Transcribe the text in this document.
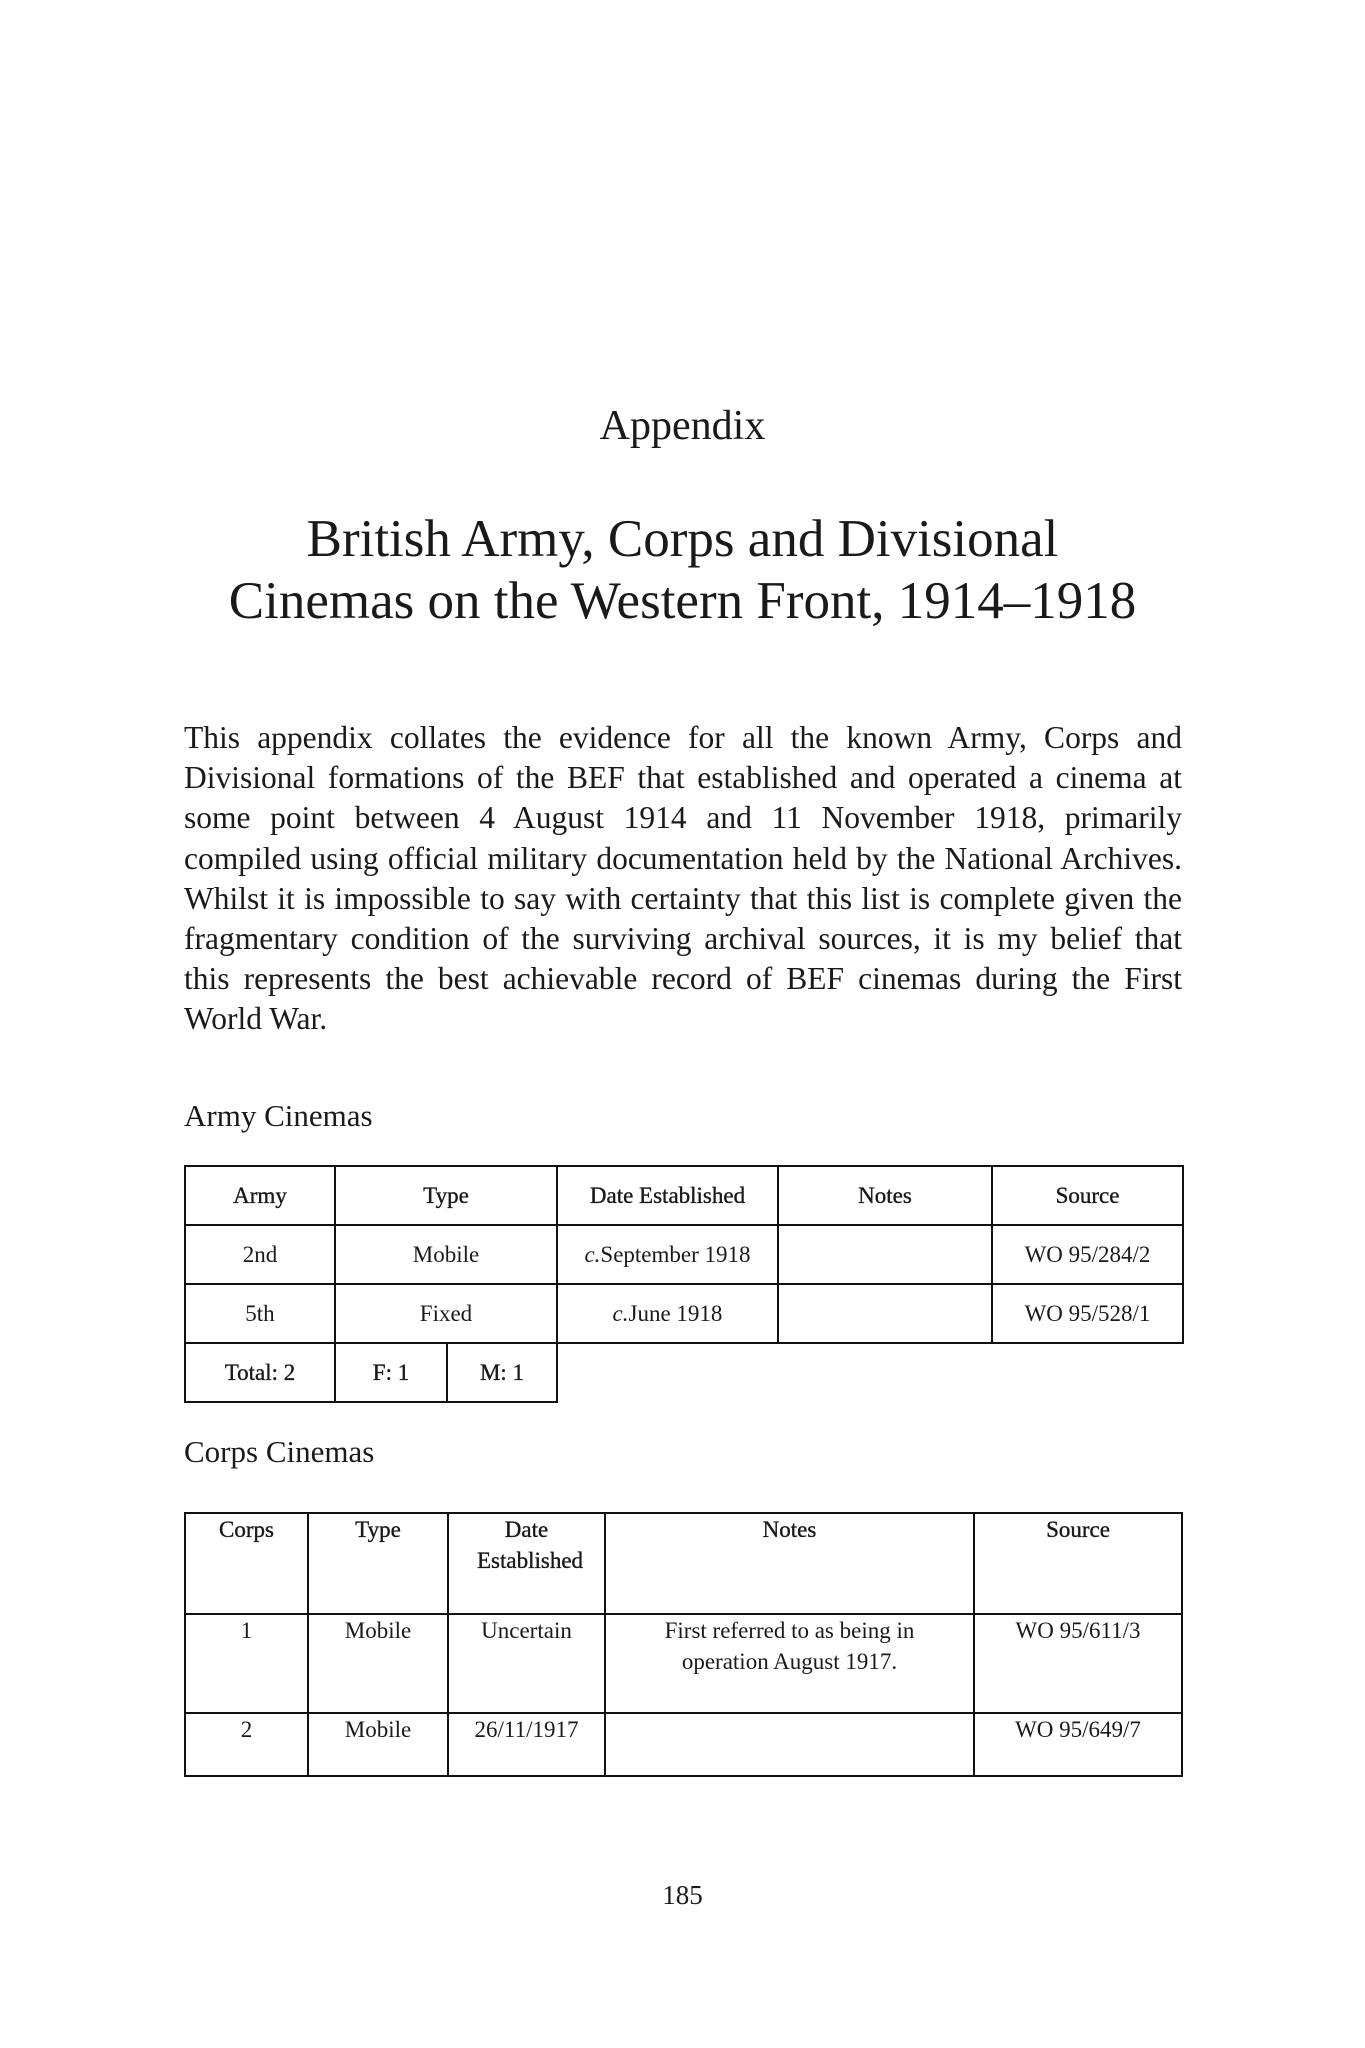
Appendix
British Army, Corps and Divisional
Cinemas on the Western Front, 1914–1918

This appendix collates the evidence for all the known Army, Corps and Divisional formations of the BEF that established and operated a cinema at some point between 4 August 1914 and 11 November 1918, primarily compiled using official military documentation held by the National Archives. Whilst it is impossible to say with certainty that this list is complete given the fragmentary condition of the surviving archival sources, it is my belief that this represents the best achievable record of BEF cinemas during the First World War.

Army Cinemas
Army	Type		Date Established	Notes	Source
2nd	Mobile		c.September 1918		WO 95/284/2
5th	Fixed		c.June 1918		WO 95/528/1
Total: 2	F: 1	M: 1			
Corps Cinemas
Corps	Type	Date Established	Notes	Source
1	Mobile	Uncertain	First referred to as being in operation August 1917.	WO 95/611/3
2	Mobile	26/11/1917		WO 95/649/7
185
